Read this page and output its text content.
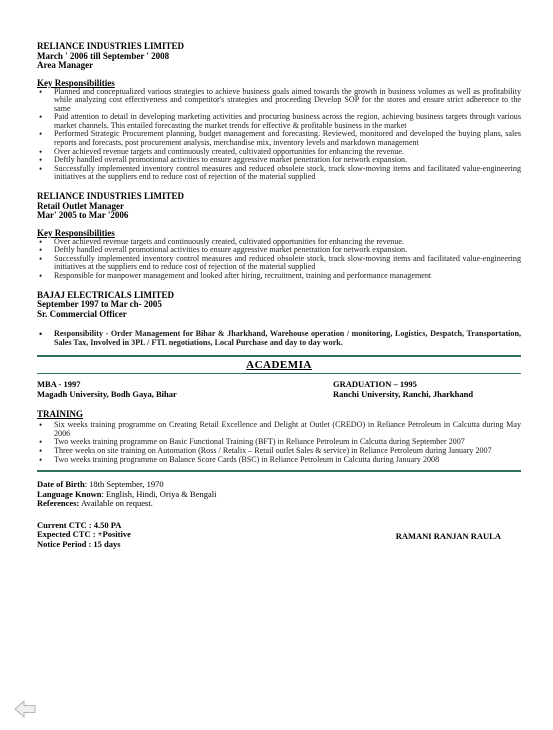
RELIANCE INDUSTRIES LIMITED
March ' 2006 till September ' 2008
Area Manager
Key Responsibilities
• Planned and conceptualized various strategies to achieve business goals aimed towards the growth in business volumes as well as profitability while analyzing cost effectiveness and competitor's strategies and proceeding Develop SOP for the stores and ensure strict adherence to the same
• Paid attention to detail in developing marketing activities and procuring business across the region, achieving business targets through various market channels. This entailed forecasting the market trends for effective & profitable business in the market
• Performed Strategic Procurement planning, budget management and forecasting. Reviewed, monitored and developed the buying plans, sales reports and forecasts, post procurement analysis, merchandise mix, inventory levels and markdown management
• Over achieved revenue targets and continuously created, cultivated opportunities for enhancing the revenue.
• Deftly handled overall promotional activities to ensure aggressive market penetration for network expansion.
• Successfully implemented inventory control measures and reduced obsolete stock, track slow-moving items and facilitated value-engineering initiatives at the suppliers end to reduce cost of rejection of the material supplied
RELIANCE INDUSTRIES LIMITED
Retail Outlet Manager
Mar' 2005 to Mar '2006
Key Responsibilities
• Over achieved revenue targets and continuously created, cultivated opportunities for enhancing the revenue.
• Deftly handled overall promotional activities to ensure aggressive market penetration for network expansion.
• Successfully implemented inventory control measures and reduced obsolete stock, track slow-moving items and facilitated value-engineering initiatives at the suppliers end to reduce cost of rejection of the material supplied
• Responsible for manpower management and looked after hiring, recruitment, training and performance management
BAJAJ ELECTRICALS LIMITED
September 1997 to Mar ch- 2005
Sr. Commercial Officer
• Responsibility - Order Management for Bihar & Jharkhand, Warehouse operation / monitoring, Logistics, Despatch, Transportation, Sales Tax, Involved in 3PL / FTL negotiations, Local Purchase and day to day work.
ACADEMIA
MBA - 1997
Magadh University, Bodh Gaya, Bihar
GRADUATION – 1995
Ranchi University, Ranchi, Jharkhand
TRAINING
• Six weeks training programme on Creating Retail Excellence and Delight at Outlet (CREDO) in Reliance Petroleum in Calcutta during May 2006
• Two weeks training programme on Basic Functional Training (BFT) in Reliance Petroleum in Calcutta during September 2007
• Three weeks on site training on Automation (Ross / Retalix – Retail outlet Sales & service) in Reliance Petroleum during January 2007
• Two weeks training programme on Balance Score Cards (BSC) in Reliance Petroleum in Calcutta during January 2008
Date of Birth: 18th September, 1970
Language Known: English, Hindi, Oriya & Bengali
References: Available on request.
Current CTC : 4.50 PA
Expected CTC : +Positive
Notice Period : 15 days
RAMANI RANJAN RAULA
